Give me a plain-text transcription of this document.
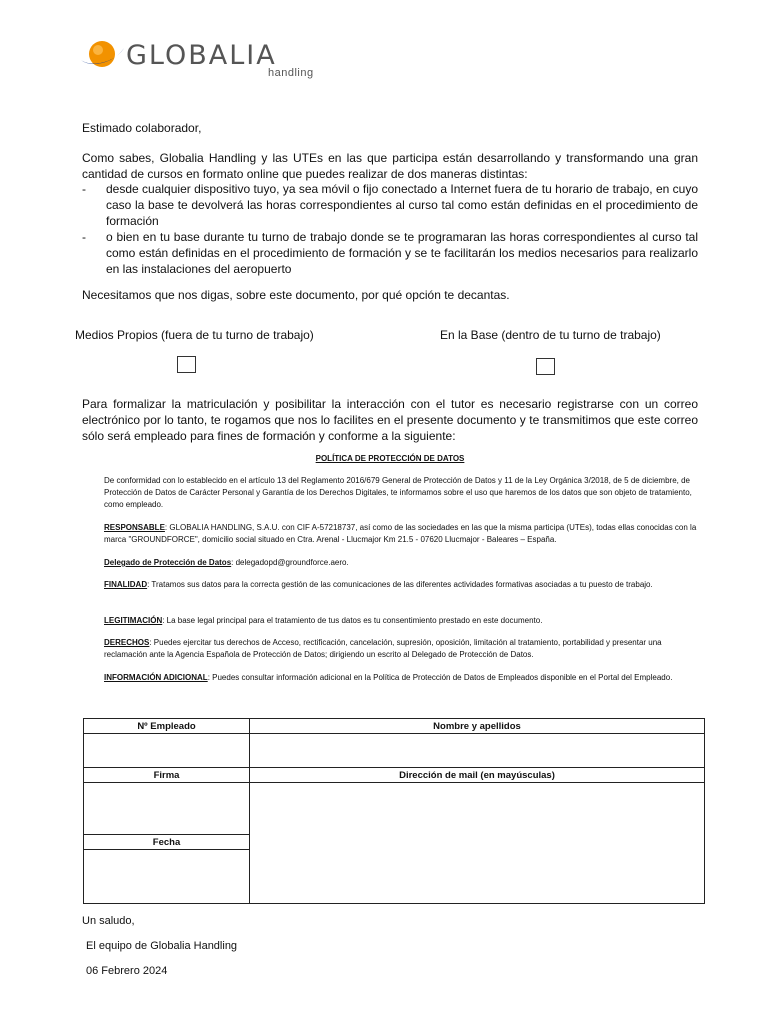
GLOBALIA
handling
Estimado colaborador,
Como sabes, Globalia Handling y las UTEs en las que participa están desarrollando y transformando una gran cantidad de cursos en formato online que puedes realizar de dos maneras distintas:
- desde cualquier dispositivo tuyo, ya sea móvil o fijo conectado a Internet fuera de tu horario de trabajo, en cuyo caso la base te devolverá las horas correspondientes al curso tal como están definidas en el procedimiento de formación
- o bien en tu base durante tu turno de trabajo donde se te programaran las horas correspondientes al curso tal como están definidas en el procedimiento de formación y se te facilitarán los medios necesarios para realizarlo en las instalaciones del aeropuerto
Necesitamos que nos digas, sobre este documento, por qué opción te decantas.
Medios Propios (fuera de tu turno de trabajo)	En la Base (dentro de tu turno de trabajo)
Para formalizar la matriculación y posibilitar la interacción con el tutor es necesario registrarse con un correo electrónico por lo tanto, te rogamos que nos lo facilites en el presente documento y te transmitimos que este correo sólo será empleado para fines de formación y conforme a la siguiente:
POLÍTICA DE PROTECCIÓN DE DATOS
De conformidad con lo establecido en el artículo 13 del Reglamento 2016/679 General de Protección de Datos y 11 de la Ley Orgánica 3/2018, de 5 de diciembre, de Protección de Datos de Carácter Personal y Garantía de los Derechos Digitales, te informamos sobre el uso que haremos de los datos que son objeto de tratamiento, como empleado.
RESPONSABLE: GLOBALIA HANDLING, S.A.U. con CIF A-57218737, así como de las sociedades en las que la misma participa (UTEs), todas ellas conocidas con la marca "GROUNDFORCE", domicilio social situado en Ctra. Arenal - Llucmajor Km 21.5 - 07620 Llucmajor - Baleares – España.
Delegado de Protección de Datos: delegadopd@groundforce.aero.
FINALIDAD: Tratamos sus datos para la correcta gestión de las comunicaciones de las diferentes actividades formativas asociadas a tu puesto de trabajo.
LEGITIMACIÓN: La base legal principal para el tratamiento de tus datos es tu consentimiento prestado en este documento.
DERECHOS: Puedes ejercitar tus derechos de Acceso, rectificación, cancelación, supresión, oposición, limitación al tratamiento, portabilidad y presentar una reclamación ante la Agencia Española de Protección de Datos; dirigiendo un escrito al Delegado de Protección de Datos.
INFORMACIÓN ADICIONAL: Puedes consultar información adicional en la Política de Protección de Datos de Empleados disponible en el Portal del Empleado.
Nº Empleado	Nombre y apellidos

Firma	Dirección de mail (en mayúsculas)

Fecha	

Un saludo,
El equipo de Globalia Handling
06 Febrero 2024
